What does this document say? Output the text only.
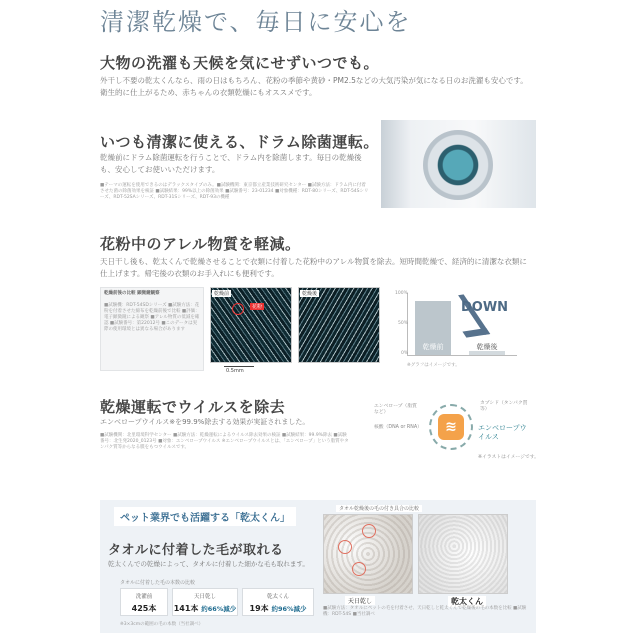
清潔乾燥で、毎日に安心を
大物の洗濯も天候を気にせずいつでも。
外干し不要の乾太くんなら、雨の日はもちろん、花粉の季節や黄砂・PM2.5などの大気汚染が気になる日のお洗濯も安心です。衛生的に仕上がるため、赤ちゃんの衣類乾燥にもオススメです。
いつも清潔に使える、ドラム除菌運転。
乾燥前にドラム除菌運転を行うことで、ドラム内を除菌します。毎日の乾燥後も、安心してお使いいただけます。
■テーマの運転を使用できるのはデラックスタイプのみ。■試験機関：東京都立産業技術研究センター ■試験方法：ドラム内に付着させた菌の除菌効果を検証 ■試験結果：99%以上の除菌効果 ■試験番号：23-01234 ■対象機種：RDT-80シリーズ、RDT-54Sシリーズ、RDT-52SAシリーズ、RDT-31Sシリーズ、RDT-93の機種
花粉中のアレル物質を軽減。
天日干し後も、乾太くんで乾燥させることで衣類に付着した花粉中のアレル物質を除去。短時間乾燥で、経済的に清潔な衣類に仕上げます。帰宅後の衣類のお手入れにも便利です。
乾燥前後の比較 顕微鏡観察
■試験機：RDT-54SDシリーズ ■試験方法：花粉を付着させた綿布を乾燥前後で比較 ■評価：電子顕微鏡による観察 ■アレル物質の低減を確認 ■試験番号：第22012号 ■このデータは実際の使用環境とは異なる場合があります
乾燥前	乾燥後
花粉
0.5mm
100%
50%
0%
乾燥前	乾燥後
DOWN
※グラフはイメージです。
乾燥運転でウイルスを除去
エンベロープウイルス※を99.9%除去する効果が実証されました。
■試験機関：北里環境科学センター ■試験方法：乾燥運転によるウイルス除去効果の検証 ■試験結果：99.9%除去 ■試験番号：北生発2020_0123号 ■対象：エンベロープウイルス ※エンベロープウイルスとは、「エンベロープ」という脂質やタンパク質等からなる膜をもつウイルスです。
≋
エンベロープ（脂質など）
核酸（DNA or RNA）
カプシド（タンパク質等）
エンベロープウイルス
※イラストはイメージです。
ペット業界でも活躍する「乾太くん」
タオルに付着した毛が取れる
乾太くんでの乾燥によって、タオルに付着した細かな毛も取れます。
タオルに付着した毛の本数の比較
洗濯前
425本
天日乾し
141本 約66%減少
乾太くん
19本 約96%減少
※3×3cmの範囲の毛の本数（当社調べ）
タオル乾燥後の毛の付き具合の比較
天日乾し	乾太くん
■試験方法：タオルにペットの毛を付着させ、天日乾しと乾太くんで乾燥後の毛の本数を比較 ■試験機：RDT-54S ■当社調べ
